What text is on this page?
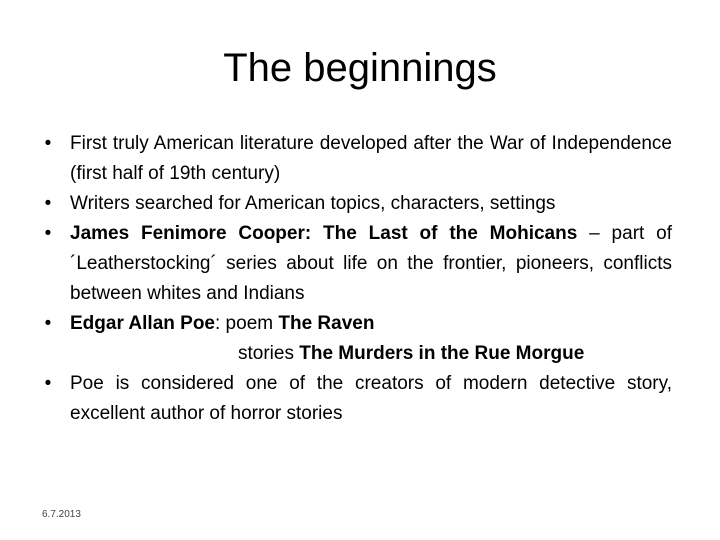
The beginnings
• First truly American literature developed after the War of Independence (first half of 19th century)
• Writers searched for American topics, characters, settings
• James Fenimore Cooper: The Last of the Mohicans – part of ´Leatherstocking´ series about life on the frontier, pioneers, conflicts between whites and Indians
• Edgar Allan Poe: poem The Raven
stories The Murders in the Rue Morgue
• Poe is considered one of the creators of modern detective story, excellent author of horror stories
6.7.2013
